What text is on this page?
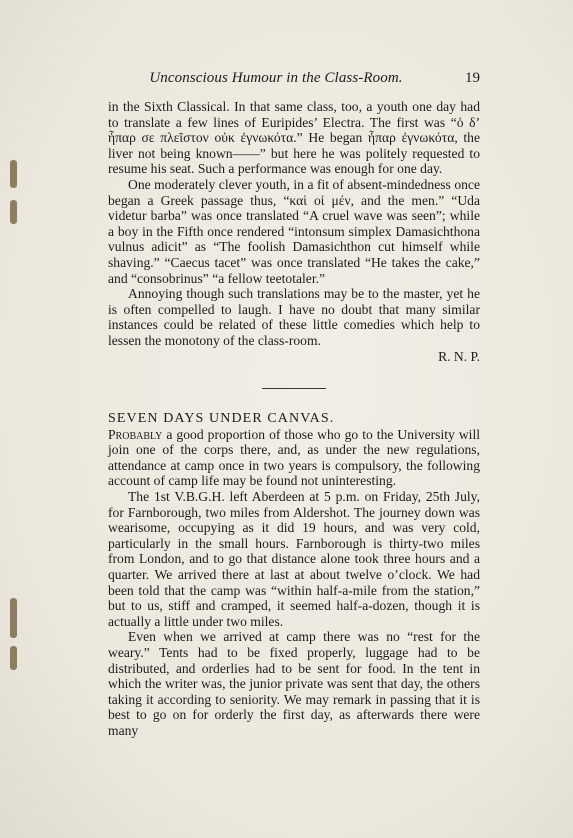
Unconscious Humour in the Class-Room.	19

in the Sixth Classical. In that same class, too, a youth one day had to translate a few lines of Euripides’ Electra. The first was “ὁ δ’ ἧπαρ σε πλεῖστον οὐκ ἐγνωκότα.” He began ἧπαρ ἐγνωκότα, the liver not being known——” but here he was politely requested to resume his seat. Such a performance was enough for one day.

One moderately clever youth, in a fit of absent-mindedness once began a Greek passage thus, “καὶ οἱ μέν, and the men.” “Uda videtur barba” was once translated “A cruel wave was seen”; while a boy in the Fifth once rendered “intonsum simplex Damasichthona vulnus adicit” as “The foolish Damasichthon cut himself while shaving.” “Caecus tacet” was once translated “He takes the cake,” and “consobrinus” “a fellow teetotaler.”

Annoying though such translations may be to the master, yet he is often compelled to laugh. I have no doubt that many similar instances could be related of these little comedies which help to lessen the monotony of the class-room.

R. N. P.

SEVEN DAYS UNDER CANVAS.

Probably a good proportion of those who go to the University will join one of the corps there, and, as under the new regulations, attendance at camp once in two years is compulsory, the following account of camp life may be found not uninteresting.

The 1st V.B.G.H. left Aberdeen at 5 p.m. on Friday, 25th July, for Farnborough, two miles from Aldershot. The journey down was wearisome, occupying as it did 19 hours, and was very cold, particularly in the small hours. Farnborough is thirty-two miles from London, and to go that distance alone took three hours and a quarter. We arrived there at last at about twelve o’clock. We had been told that the camp was “within half-a-mile from the station,” but to us, stiff and cramped, it seemed half-a-dozen, though it is actually a little under two miles.

Even when we arrived at camp there was no “rest for the weary.” Tents had to be fixed properly, luggage had to be distributed, and orderlies had to be sent for food. In the tent in which the writer was, the junior private was sent that day, the others taking it according to seniority. We may remark in passing that it is best to go on for orderly the first day, as afterwards there were many
